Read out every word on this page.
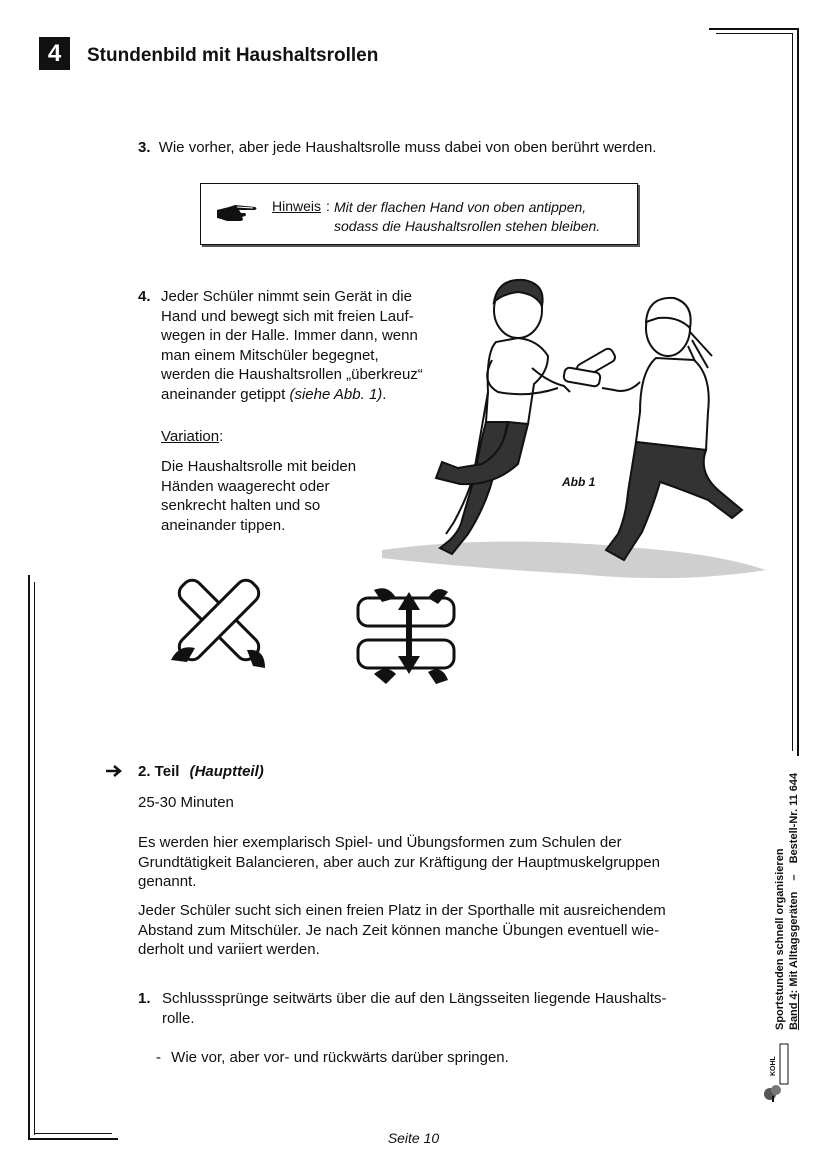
4	Stundenbild mit Haushaltsrollen
3. Wie vorher, aber jede Haushaltsrolle muss dabei von oben berührt werden.
Hinweis : Mit der flachen Hand von oben antippen,
sodass die Haushaltsrollen stehen bleiben.
4. Jeder Schüler nimmt sein Gerät in die
Hand und bewegt sich mit freien Lauf-
wegen in der Halle. Immer dann, wenn
man einem Mitschüler begegnet,
werden die Haushaltsrollen „überkreuz“
aneinander getippt (siehe Abb. 1).
Variation:
Die Haushaltsrolle mit beiden
Händen waagerecht oder
senkrecht halten und so
aneinander tippen.
Abb 1
2. Teil (Hauptteil)
25-30 Minuten
Es werden hier exemplarisch Spiel- und Übungsformen zum Schulen der
Grundtätigkeit Balancieren, aber auch zur Kräftigung der Hauptmuskelgruppen
genannt.
Jeder Schüler sucht sich einen freien Platz in der Sporthalle mit ausreichendem
Abstand zum Mitschüler. Je nach Zeit können manche Übungen eventuell wie-
derholt und variiert werden.
1. Schlusssprünge seitwärts über die auf den Längsseiten liegende Haushalts-
rolle.
- Wie vor, aber vor- und rückwärts darüber springen.
Sportstunden schnell organisieren Band 4: Mit Alltagsgeräten – Bestell-Nr. 11 644
KOHL
Seite 10
